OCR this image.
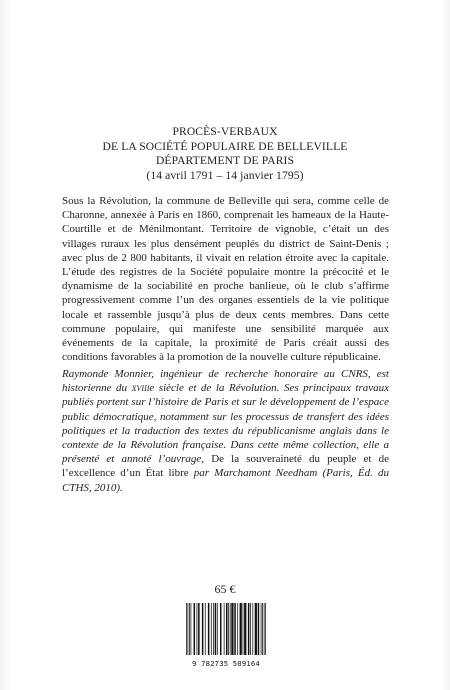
PROCÈS-VERBAUX
DE LA SOCIÉTÉ POPULAIRE DE BELLEVILLE
DÉPARTEMENT DE PARIS
(14 avril 1791 – 14 janvier 1795)
Sous la Révolution, la commune de Belleville qui sera, comme celle de Charonne, annexée à Paris en 1860, comprenait les hameaux de la Haute-Courtille et de Ménilmontant. Territoire de vignoble, c’était un des villages ruraux les plus densément peuplés du district de Saint-Denis ; avec plus de 2 800 habitants, il vivait en relation étroite avec la capitale. L’étude des registres de la Société populaire montre la précocité et le dynamisme de la sociabilité en proche banlieue, où le club s’affirme progressivement comme l’un des organes essentiels de la vie politique locale et rassemble jusqu’à plus de deux cents membres. Dans cette commune populaire, qui manifeste une sensibilité marquée aux événements de la capitale, la proximité de Paris créait aussi des conditions favorables à la promotion de la nouvelle culture républicaine.
Raymonde Monnier, ingénieur de recherche honoraire au CNRS, est historienne du xviiie siècle et de la Révolution. Ses principaux travaux publiés portent sur l’histoire de Paris et sur le développement de l’espace public démocratique, notamment sur les processus de transfert des idées politiques et la traduction des textes du républicanisme anglais dans le contexte de la Révolution française. Dans cette même collection, elle a présenté et annoté l’ouvrage, De la souveraineté du peuple et de l’excellence d’un État libre par Marchamont Needham (Paris, Éd. du CTHS, 2010).
65 €
9 782735 509164
